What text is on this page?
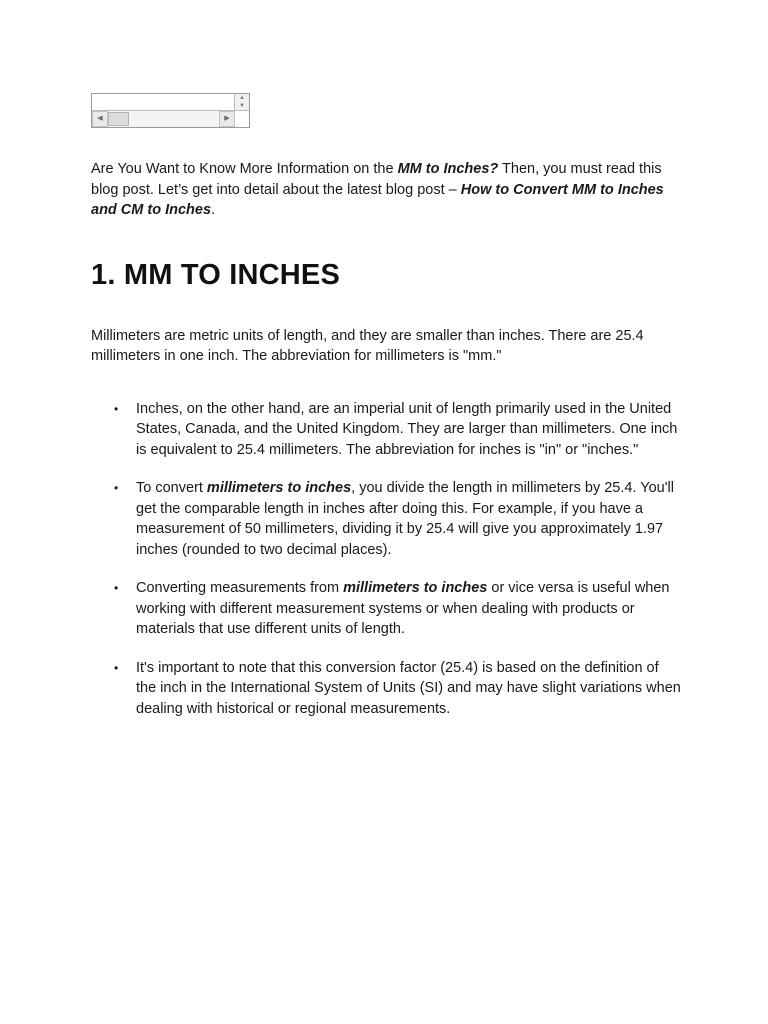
▲
▼
◀	▶

Are You Want to Know More Information on the MM to Inches? Then, you must read this blog post. Let’s get into detail about the latest blog post – How to Convert MM to Inches and CM to Inches.

1. MM TO INCHES

Millimeters are metric units of length, and they are smaller than inches. There are 25.4 millimeters in one inch. The abbreviation for millimeters is "mm."

• Inches, on the other hand, are an imperial unit of length primarily used in the United States, Canada, and the United Kingdom. They are larger than millimeters. One inch is equivalent to 25.4 millimeters. The abbreviation for inches is "in" or "inches."
• To convert millimeters to inches, you divide the length in millimeters by 25.4. You'll get the comparable length in inches after doing this. For example, if you have a measurement of 50 millimeters, dividing it by 25.4 will give you approximately 1.97 inches (rounded to two decimal places).
• Converting measurements from millimeters to inches or vice versa is useful when working with different measurement systems or when dealing with products or materials that use different units of length.
• It's important to note that this conversion factor (25.4) is based on the definition of the inch in the International System of Units (SI) and may have slight variations when dealing with historical or regional measurements.
